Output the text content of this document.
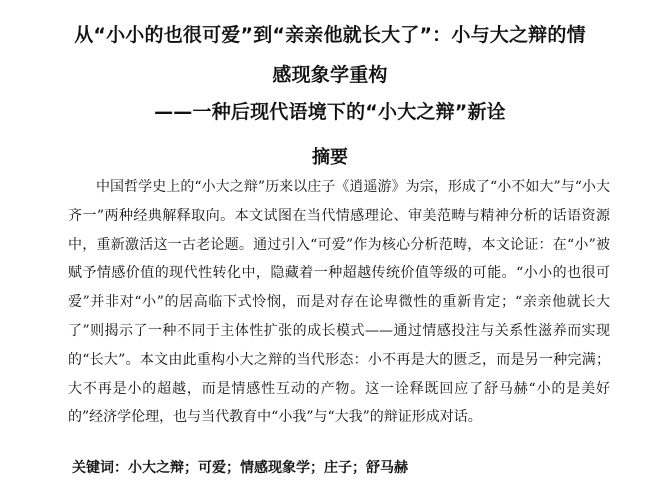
从“小小的也很可爱”到“亲亲他就长大了”：小与大之辩的情
感现象学重构
——一种后现代语境下的“小大之辩”新诠
摘要
中国哲学史上的“小大之辩”历来以庄子《逍遥游》为宗，形成了“小不如大”与“小大齐一”两种经典解释取向。本文试图在当代情感理论、审美范畴与精神分析的话语资源中，重新激活这一古老论题。通过引入“可爱”作为核心分析范畴，本文论证：在“小”被赋予情感价值的现代性转化中，隐藏着一种超越传统价值等级的可能。“小小的也很可爱”并非对“小”的居高临下式怜悯，而是对存在论卑微性的重新肯定；“亲亲他就长大了”则揭示了一种不同于主体性扩张的成长模式——通过情感投注与关系性滋养而实现的“长大”。本文由此重构小大之辩的当代形态：小不再是大的匮乏，而是另一种完满；大不再是小的超越，而是情感性互动的产物。这一诠释既回应了舒马赫“小的是美好的”经济学伦理，也与当代教育中“小我”与“大我”的辩证形成对话。
关键词：小大之辩；可爱；情感现象学；庄子；舒马赫
